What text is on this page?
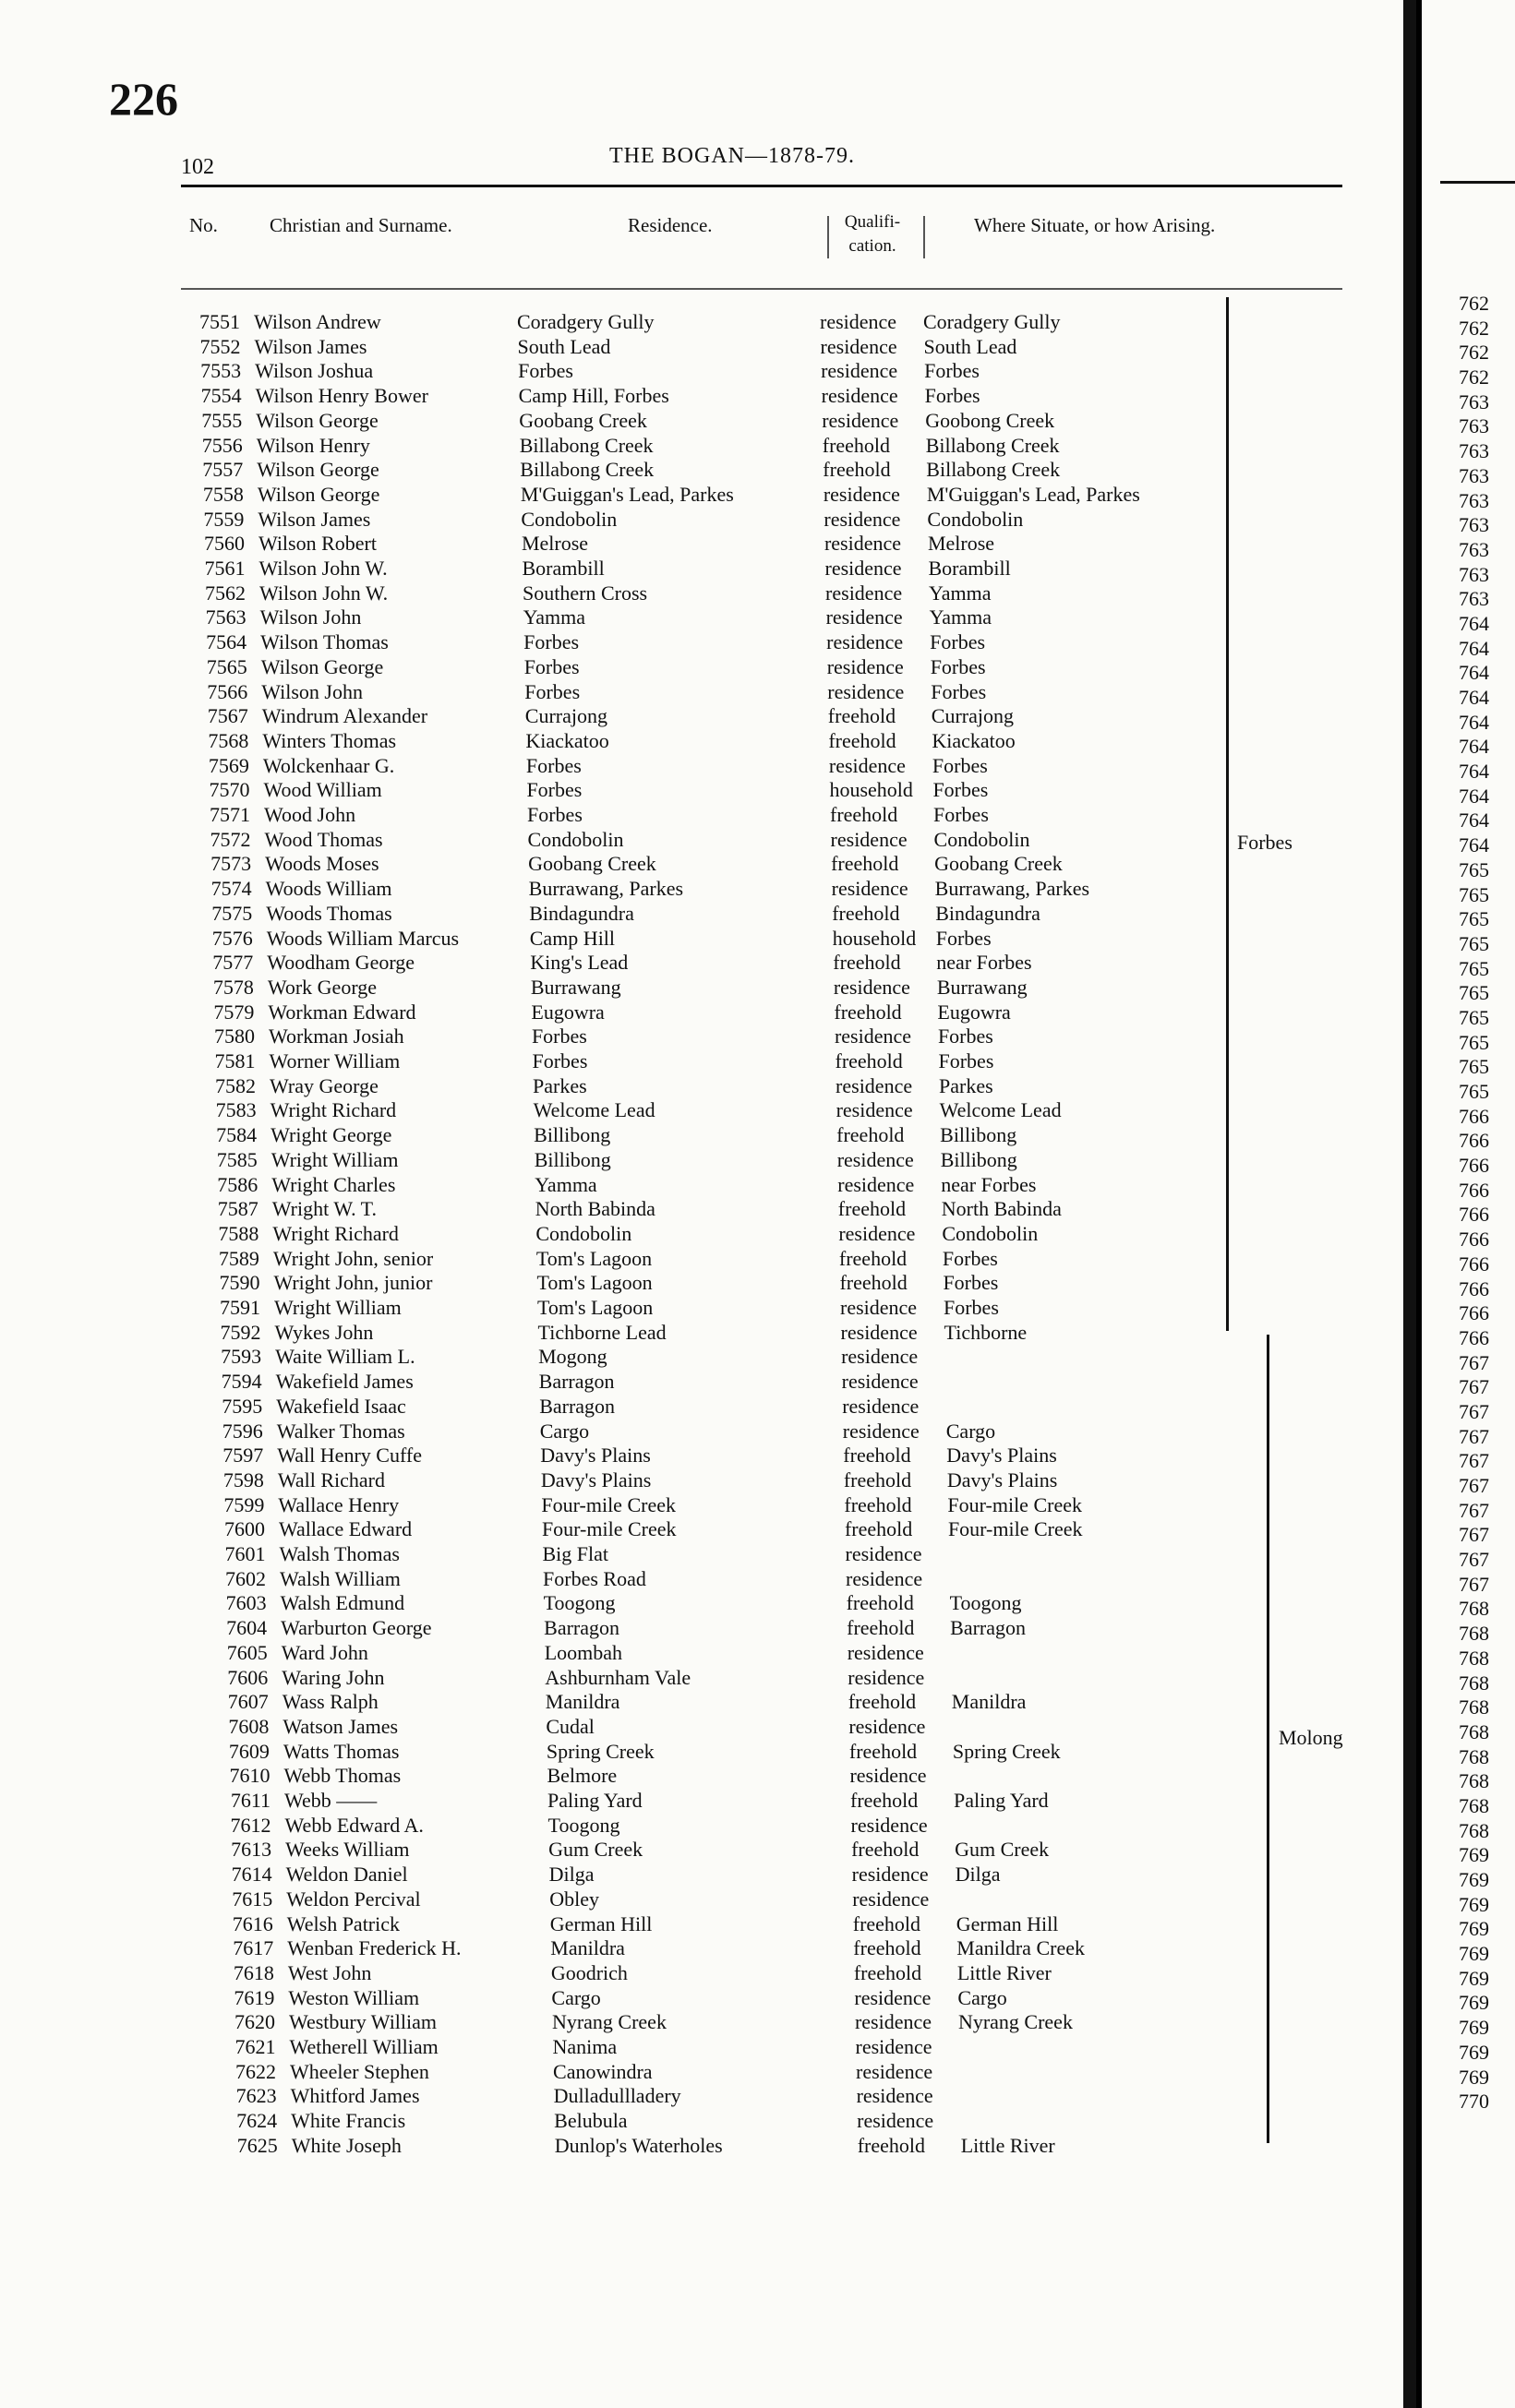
226
102	THE BOGAN—1878-79.
No.	Christian and Surname.	Residence.	Qualifi-
cation.
Where Situate, or how Arising.
7551 Wilson Andrew	Coradgery Gully	residence Coradgery Gully
7552 Wilson James	South Lead	residence South Lead
7553 Wilson Joshua	Forbes	residence Forbes
7554 Wilson Henry Bower	Camp Hill, Forbes	residence Forbes
7555 Wilson George	Goobang Creek	residence Goobong Creek
7556 Wilson Henry	Billabong Creek	freehold Billabong Creek
7557 Wilson George	Billabong Creek	freehold Billabong Creek
7558 Wilson George	M'Guiggan's Lead, Parkes	residence M'Guiggan's Lead, Parkes
7559 Wilson James	Condobolin	residence Condobolin
7560 Wilson Robert	Melrose	residence Melrose
7561 Wilson John W.	Borambill	residence Borambill
7562 Wilson John W.	Southern Cross	residence Yamma
7563 Wilson John	Yamma	residence Yamma
7564 Wilson Thomas	Forbes	residence Forbes
7565 Wilson George	Forbes	residence Forbes
7566 Wilson John	Forbes	residence Forbes
7567 Windrum Alexander	Currajong	freehold Currajong
7568 Winters Thomas	Kiackatoo	freehold Kiackatoo
7569 Wolckenhaar G.	Forbes	residence Forbes
7570 Wood William	Forbes	household Forbes
7571 Wood John	Forbes	freehold Forbes
7572 Wood Thomas	Condobolin	residence Condobolin
7573 Woods Moses	Goobang Creek	freehold Goobang Creek
7574 Woods William	Burrawang, Parkes	residence Burrawang, Parkes
7575 Woods Thomas	Bindagundra	freehold Bindagundra
7576 Woods William Marcus	Camp Hill	household Forbes
7577 Woodham George	King's Lead	freehold near Forbes
7578 Work George	Burrawang	residence Burrawang
7579 Workman Edward	Eugowra	freehold Eugowra
7580 Workman Josiah	Forbes	residence Forbes
7581 Worner William	Forbes	freehold Forbes
7582 Wray George	Parkes	residence Parkes
7583 Wright Richard	Welcome Lead	residence Welcome Lead
7584 Wright George	Billibong	freehold Billibong
7585 Wright William	Billibong	residence Billibong
7586 Wright Charles	Yamma	residence near Forbes
7587 Wright W. T.	North Babinda	freehold North Babinda
7588 Wright Richard	Condobolin	residence Condobolin
7589 Wright John, senior	Tom's Lagoon	freehold Forbes
7590 Wright John, junior	Tom's Lagoon	freehold Forbes
7591 Wright William	Tom's Lagoon	residence Forbes
7592 Wykes John	Tichborne Lead	residence Tichborne
7593 Waite William L.	Mogong	residence
7594 Wakefield James	Barragon	residence
7595 Wakefield Isaac	Barragon	residence
7596 Walker Thomas	Cargo	residence Cargo
7597 Wall Henry Cuffe	Davy's Plains	freehold Davy's Plains
7598 Wall Richard	Davy's Plains	freehold Davy's Plains
7599 Wallace Henry	Four-mile Creek	freehold Four-mile Creek
7600 Wallace Edward	Four-mile Creek	freehold Four-mile Creek
7601 Walsh Thomas	Big Flat	residence
7602 Walsh William	Forbes Road	residence
7603 Walsh Edmund	Toogong	freehold Toogong
7604 Warburton George	Barragon	freehold Barragon
7605 Ward John	Loombah	residence
7606 Waring John	Ashburnham Vale	residence
7607 Wass Ralph	Manildra	freehold Manildra
7608 Watson James	Cudal	residence
7609 Watts Thomas	Spring Creek	freehold Spring Creek
7610 Webb Thomas	Belmore	residence
7611 Webb ——	Paling Yard	freehold Paling Yard
7612 Webb Edward A.	Toogong	residence
7613 Weeks William	Gum Creek	freehold Gum Creek
7614 Weldon Daniel	Dilga	residence Dilga
7615 Weldon Percival	Obley	residence
7616 Welsh Patrick	German Hill	freehold German Hill
7617 Wenban Frederick H.	Manildra	freehold Manildra Creek
7618 West John	Goodrich	freehold Little River
7619 Weston William	Cargo	residence Cargo
7620 Westbury William	Nyrang Creek	residence Nyrang Creek
7621 Wetherell William	Nanima	residence
7622 Wheeler Stephen	Canowindra	residence
7623 Whitford James	Dulladullladery	residence
7624 White Francis	Belubula	residence
7625 White Joseph	Dunlop's Waterholes	freehold Little River
Forbes
Molong
762
762
762
762
763
763
763
763
763
763
763
763
763
764
764
764
764
764
764
764
764
764
764
765
765
765
765
765
765
765
765
765
765
766
766
766
766
766
766
766
766
766
766
767
767
767
767
767
767
767
767
767
767
768
768
768
768
768
768
768
768
768
768
769
769
769
769
769
769
769
769
769
769
770
